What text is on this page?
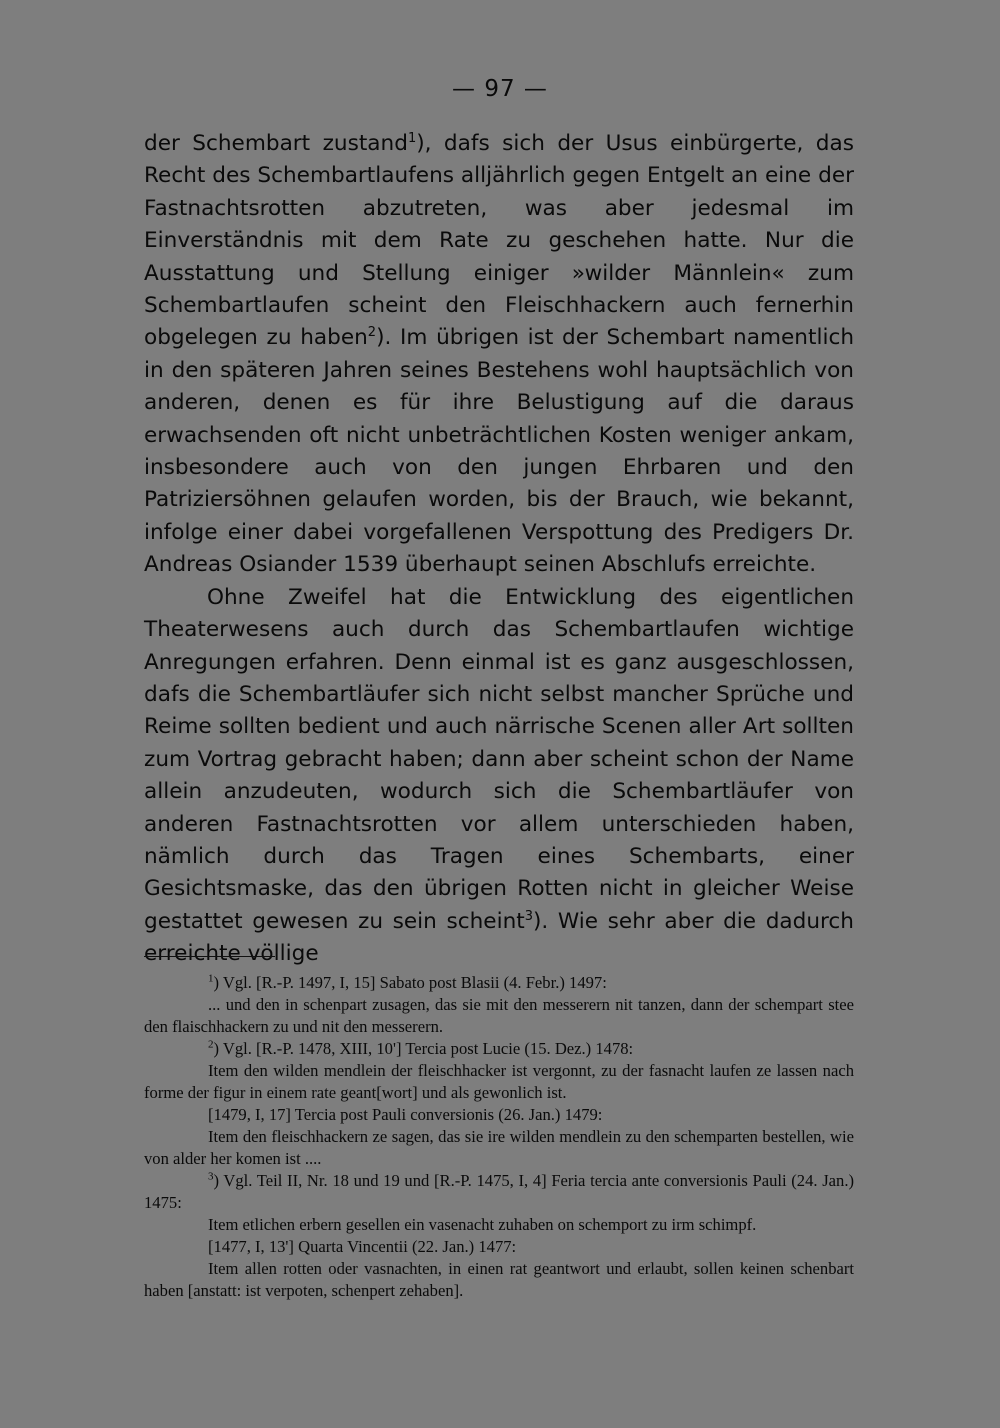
— 97 —

der Schembart zustand$^1$), dafs sich der Usus einbürgerte, das Recht des Schembartlaufens alljährlich gegen Entgelt an eine der Fastnachtsrotten abzutreten, was aber jedesmal im Einverständnis mit dem Rate zu geschehen hatte. Nur die Ausstattung und Stellung einiger »wilder Männlein« zum Schembartlaufen scheint den Fleischhackern auch fernerhin obgelegen zu haben$^2$). Im übrigen ist der Schembart namentlich in den späteren Jahren seines Bestehens wohl hauptsächlich von anderen, denen es für ihre Belustigung auf die daraus erwachsenden oft nicht unbeträchtlichen Kosten weniger ankam, insbesondere auch von den jungen Ehrbaren und den Patriziersöhnen gelaufen worden, bis der Brauch, wie bekannt, infolge einer dabei vorgefallenen Verspottung des Predigers Dr. Andreas Osiander 1539 überhaupt seinen Abschlufs erreichte.

Ohne Zweifel hat die Entwicklung des eigentlichen Theaterwesens auch durch das Schembartlaufen wichtige Anregungen erfahren. Denn einmal ist es ganz ausgeschlossen, dafs die Schembartläufer sich nicht selbst mancher Sprüche und Reime sollten bedient und auch närrische Scenen aller Art sollten zum Vortrag gebracht haben; dann aber scheint schon der Name allein anzudeuten, wodurch sich die Schembartläufer von anderen Fastnachtsrotten vor allem unterschieden haben, nämlich durch das Tragen eines Schembarts, einer Gesichtsmaske, das den übrigen Rotten nicht in gleicher Weise gestattet gewesen zu sein scheint$^3$). Wie sehr aber die dadurch erreichte völlige

$^1$) Vgl. [R.-P. 1497, I, 15] Sabato post Blasii (4. Febr.) 1497:

... und den in schenpart zusagen, das sie mit den messerern nit tanzen, dann der schempart stee den flaischhackern zu und nit den messerern.

$^2$) Vgl. [R.-P. 1478, XIII, 10'] Tercia post Lucie (15. Dez.) 1478:

Item den wilden mendlein der fleischhacker ist vergonnt, zu der fasnacht laufen ze lassen nach forme der figur in einem rate geant[wort] und als gewonlich ist.

[1479, I, 17] Tercia post Pauli conversionis (26. Jan.) 1479:

Item den fleischhackern ze sagen, das sie ire wilden mendlein zu den schemparten bestellen, wie von alder her komen ist ....

$^3$) Vgl. Teil II, Nr. 18 und 19 und [R.-P. 1475, I, 4] Feria tercia ante conversionis Pauli (24. Jan.) 1475:

Item etlichen erbern gesellen ein vasenacht zuhaben on schemport zu irm schimpf.

[1477, I, 13'] Quarta Vincentii (22. Jan.) 1477:

Item allen rotten oder vasnachten, in einen rat geantwort und erlaubt, sollen keinen schenbart haben [anstatt: ist verpoten, schenpert zehaben].
